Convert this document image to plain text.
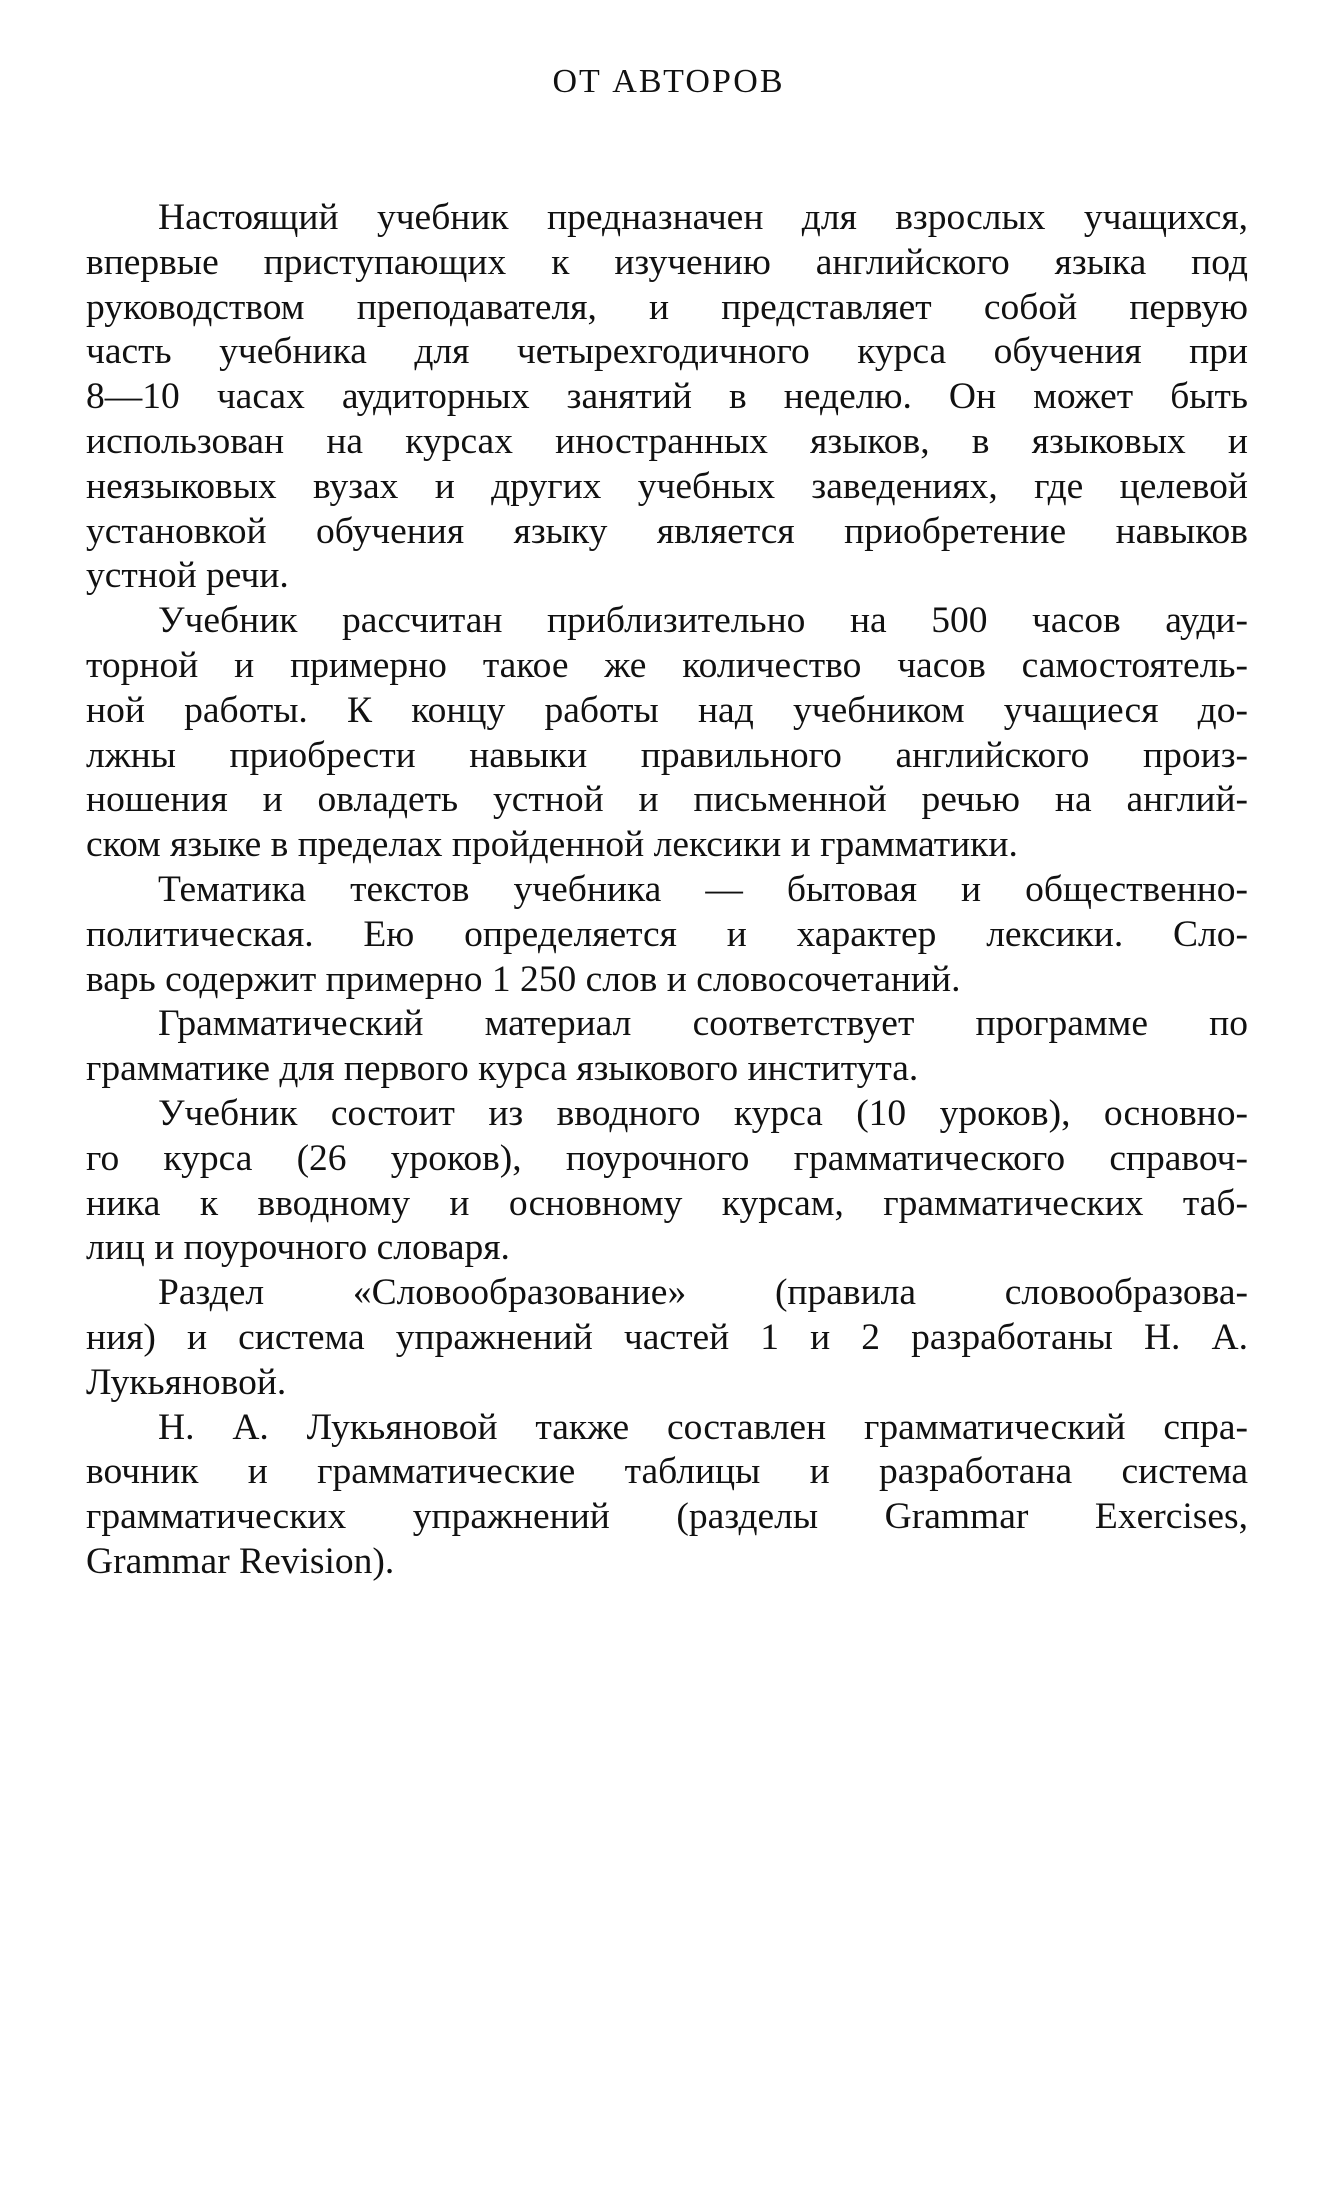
ОТ АВТОРОВ
Настоящий учебник предназначен для взрослых учащихся,
впервые приступающих к изучению английского языка под
руководством преподавателя, и представляет собой первую
часть учебника для четырехгодичного курса обучения при
8—10 часах аудиторных занятий в неделю. Он может быть
использован на курсах иностранных языков, в языковых и
неязыковых вузах и других учебных заведениях, где целевой
установкой обучения языку является приобретение навыков
устной речи.
Учебник рассчитан приблизительно на 500 часов ауди-
торной и примерно такое же количество часов самостоятель-
ной работы. К концу работы над учебником учащиеся до-
лжны приобрести навыки правильного английского произ-
ношения и овладеть устной и письменной речью на англий-
ском языке в пределах пройденной лексики и грамматики.
Тематика текстов учебника — бытовая и общественно-
политическая. Ею определяется и характер лексики. Сло-
варь содержит примерно 1 250 слов и словосочетаний.
Грамматический материал соответствует программе по
грамматике для первого курса языкового института.
Учебник состоит из вводного курса (10 уроков), основно-
го курса (26 уроков), поурочного грамматического справоч-
ника к вводному и основному курсам, грамматических таб-
лиц и поурочного словаря.
Раздел «Словообразование» (правила словообразова-
ния) и система упражнений частей 1 и 2 разработаны Н. А.
Лукьяновой.
Н. А. Лукьяновой также составлен грамматический спра-
вочник и грамматические таблицы и разработана система
грамматических упражнений (разделы Grammar Exercises,
Grammar Revision).
